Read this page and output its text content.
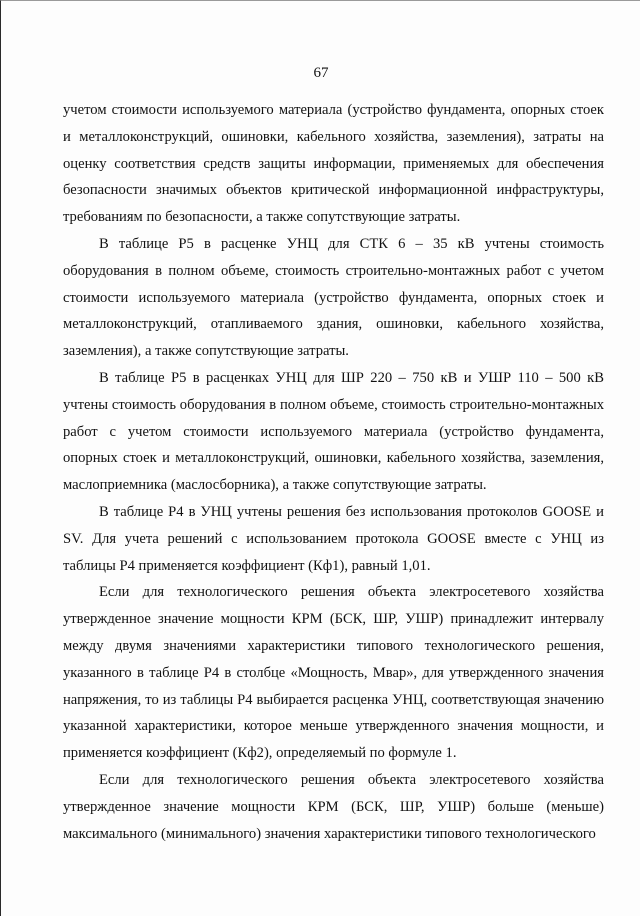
67

учетом стоимости используемого материала (устройство фундамента, опорных стоек и металлоконструкций, ошиновки, кабельного хозяйства, заземления), затраты на оценку соответствия средств защиты информации, применяемых для обеспечения безопасности значимых объектов критической информационной инфраструктуры, требованиям по безопасности, а также сопутствующие затраты.

В таблице Р5 в расценке УНЦ для СТК 6 – 35 кВ учтены стоимость оборудования в полном объеме, стоимость строительно-монтажных работ с учетом стоимости используемого материала (устройство фундамента, опорных стоек и металлоконструкций, отапливаемого здания, ошиновки, кабельного хозяйства, заземления), а также сопутствующие затраты.

В таблице Р5 в расценках УНЦ для ШР 220 – 750 кВ и УШР 110 – 500 кВ учтены стоимость оборудования в полном объеме, стоимость строительно-монтажных работ с учетом стоимости используемого материала (устройство фундамента, опорных стоек и металлоконструкций, ошиновки, кабельного хозяйства, заземления, маслоприемника (маслосборника), а также сопутствующие затраты.

В таблице Р4 в УНЦ учтены решения без использования протоколов GOOSE и SV. Для учета решений с использованием протокола GOOSE вместе с УНЦ из таблицы Р4 применяется коэффициент (Кф1), равный 1,01.

Если для технологического решения объекта электросетевого хозяйства утвержденное значение мощности КРМ (БСК, ШР, УШР) принадлежит интервалу между двумя значениями характеристики типового технологического решения, указанного в таблице Р4 в столбце «Мощность, Мвар», для утвержденного значения напряжения, то из таблицы Р4 выбирается расценка УНЦ, соответствующая значению указанной характеристики, которое меньше утвержденного значения мощности, и применяется коэффициент (Кф2), определяемый по формуле 1.

Если для технологического решения объекта электросетевого хозяйства утвержденное значение мощности КРМ (БСК, ШР, УШР) больше (меньше) максимального (минимального) значения характеристики типового технологического
